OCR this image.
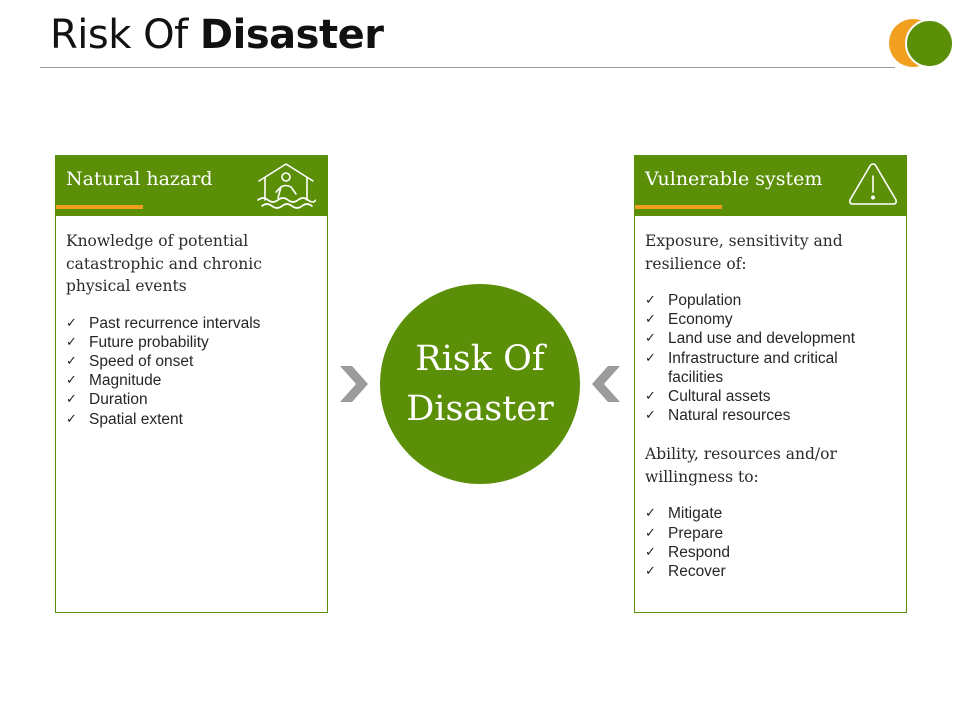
Risk Of Disaster
Natural hazard

Knowledge of potential catastrophic and chronic physical events

✓ Past recurrence intervals
✓ Future probability
✓ Speed of onset
✓ Magnitude
✓ Duration
✓ Spatial extent
Risk Of Disaster
Vulnerable system

Exposure, sensitivity and resilience of:

✓ Population
✓ Economy
✓ Land use and development
✓ Infrastructure and critical facilities
✓ Cultural assets
✓ Natural resources

Ability, resources and/or willingness to:

✓ Mitigate
✓ Prepare
✓ Respond
✓ Recover
